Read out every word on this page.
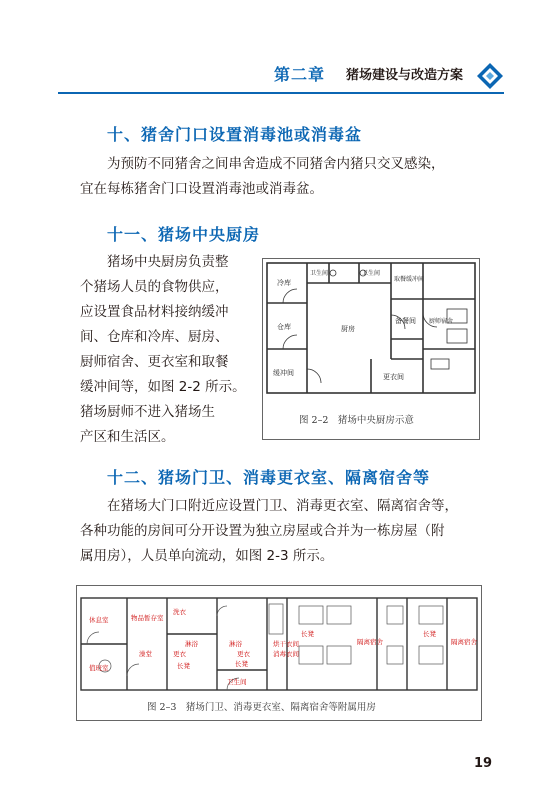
第二章 猪场建设与改造方案
十、猪舍门口设置消毒池或消毒盆

为预防不同猪舍之间串舍造成不同猪舍内猪只交叉感染，

宜在每栋猪舍门口设置消毒池或消毒盆。

十一、猪场中央厨房

猪场中央厨房负责整

个猪场人员的食物供应，

应设置食品材料接纳缓冲

间、仓库和冷库、厨房、

厨师宿舍、更衣室和取餐

缓冲间等，如图 2-2 所示。

猪场厨师不进入猪场生

产区和生活区。

冷库
仓库	厨房
缓冲间
卫生间	卫生间
取餐缓冲间
备餐间 厨师宿舍
更衣间
图 2–2　猪场中央厨房示意
十二、猪场门卫、消毒更衣室、隔离宿舍等

在猪场大门口附近应设置门卫、消毒更衣室、隔离宿舍等，

各种功能的房间可分开设置为独立房屋或合并为一栋房屋（附

属用房），人员单向流动，如图 2-3 所示。

休息室
值班室
物品暂存室
澡堂
洗衣
淋浴	淋浴
更衣	更衣
长凳	长凳
卫生间
烘干衣间
消毒衣间
隔离宿舍	隔离宿舍
长凳	长凳
图 2–3　猪场门卫、消毒更衣室、隔离宿舍等附属用房
19
